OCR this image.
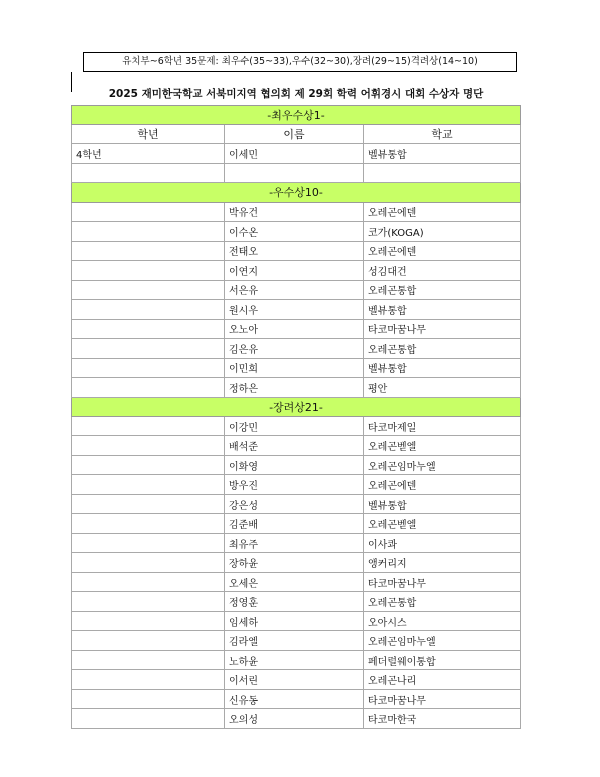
유치부~6학년 35문제: 최우수(35~33),우수(32~30),장려(29~15)격려상(14~10)
2025 재미한국학교 서북미지역 협의회 제 29회 학력 어휘경시 대회 수상자 명단
-최우수상1-		
학년	이름	학교
4학년	이세민	벨뷰통합

-우수상10-		
	박유건	오레곤에덴
	이수온	코가(KOGA)
	전태오	오레곤에덴
	이연지	성김대건
	서은유	오레곤통합
	원시우	벨뷰통합
	오노아	타코마꿈나무
	김은유	오레곤통합
	이민희	벨뷰통합
	정하은	평안
-장려상21-		
	이강민	타코마제일
	배석준	오레곤벧엘
	이화영	오레곤임마누엘
	방우진	오레곤에덴
	강은성	벨뷰통합
	김준배	오레곤벧엘
	최유주	이사콰
	장하윤	앵커리지
	오세은	타코마꿈나무
	정영훈	오레곤통합
	임세하	오아시스
	김라엘	오레곤임마누엘
	노하윤	페더럴웨이통합
	이서린	오레곤나리
	신유동	타코마꿈나무
	오의성	타코마한국
